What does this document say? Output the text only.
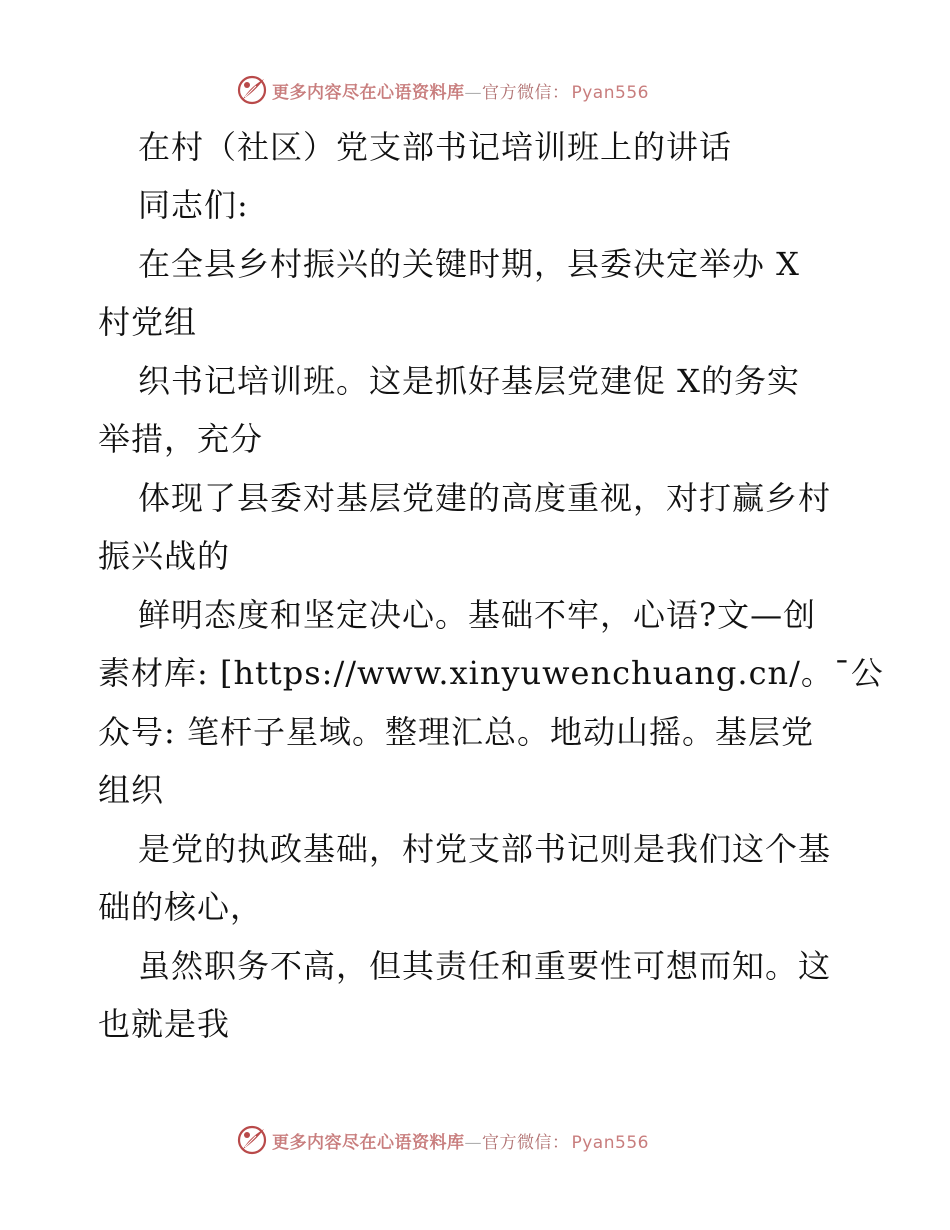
更多内容尽在心语资料库—官方微信： Pyan556
在村（社区）党支部书记培训班上的讲话
同志们:
在全县乡村振兴的关键时期，县委决定举办 X
村党组
织书记培训班。这是抓好基层党建促 X的务实
举措，充分
体现了县委对基层党建的高度重视，对打赢乡村
振兴战的
鲜明态度和坚定决心。基础不牢，心语?文—创
素材库: [https://www.xinyuwenchuang.cn/。¯公
众号: 笔杆子星域。整理汇总。地动山摇。基层党
组织
是党的执政基础，村党支部书记则是我们这个基
础的核心，
虽然职务不高，但其责任和重要性可想而知。这
也就是我
更多内容尽在心语资料库—官方微信： Pyan556
